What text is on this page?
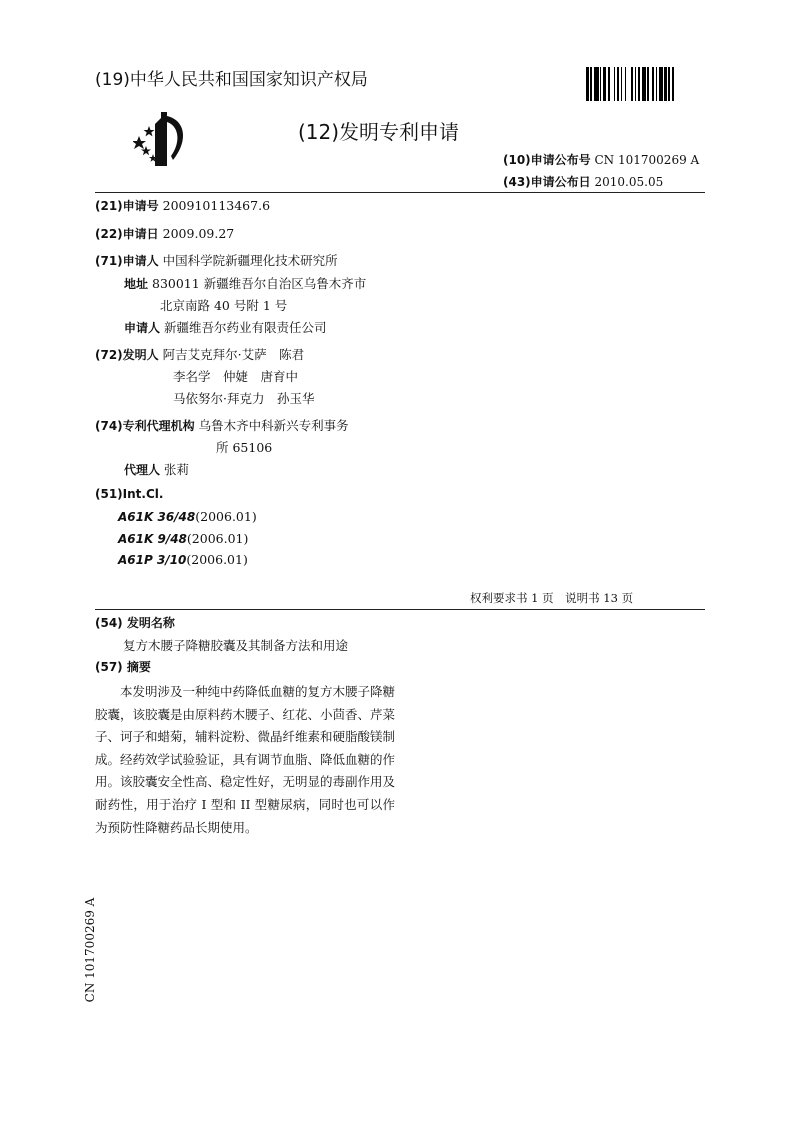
(19)中华人民共和国国家知识产权局
(12)发明专利申请
(10)申请公布号 CN 101700269 A
(43)申请公布日 2010.05.05
(21)申请号 200910113467.6
(22)申请日 2009.09.27
(71)申请人 中国科学院新疆理化技术研究所
地址 830011 新疆维吾尔自治区乌鲁木齐市
北京南路 40 号附 1 号
申请人 新疆维吾尔药业有限责任公司
(72)发明人 阿吉艾克拜尔·艾萨　陈君
李名学　仲婕　唐育中
马依努尔·拜克力　孙玉华
(74)专利代理机构 乌鲁木齐中科新兴专利事务
所 65106
代理人 张莉
(51)Int.Cl.
A61K 36/48(2006.01)
A61K 9/48(2006.01)
A61P 3/10(2006.01)
权利要求书 1 页　说明书 13 页
(54) 发明名称
复方木腰子降糖胶囊及其制备方法和用途
(57) 摘要

本发明涉及一种纯中药降低血糖的复方木腰子降糖胶囊，该胶囊是由原料药木腰子、红花、小茴香、芹菜子、诃子和蜡菊，辅料淀粉、微晶纤维素和硬脂酸镁制成。经药效学试验验证，具有调节血脂、降低血糖的作用。该胶囊安全性高、稳定性好，无明显的毒副作用及耐药性，用于治疗 I 型和 II 型糖尿病，同时也可以作为预防性降糖药品长期使用。

CN 101700269 A
